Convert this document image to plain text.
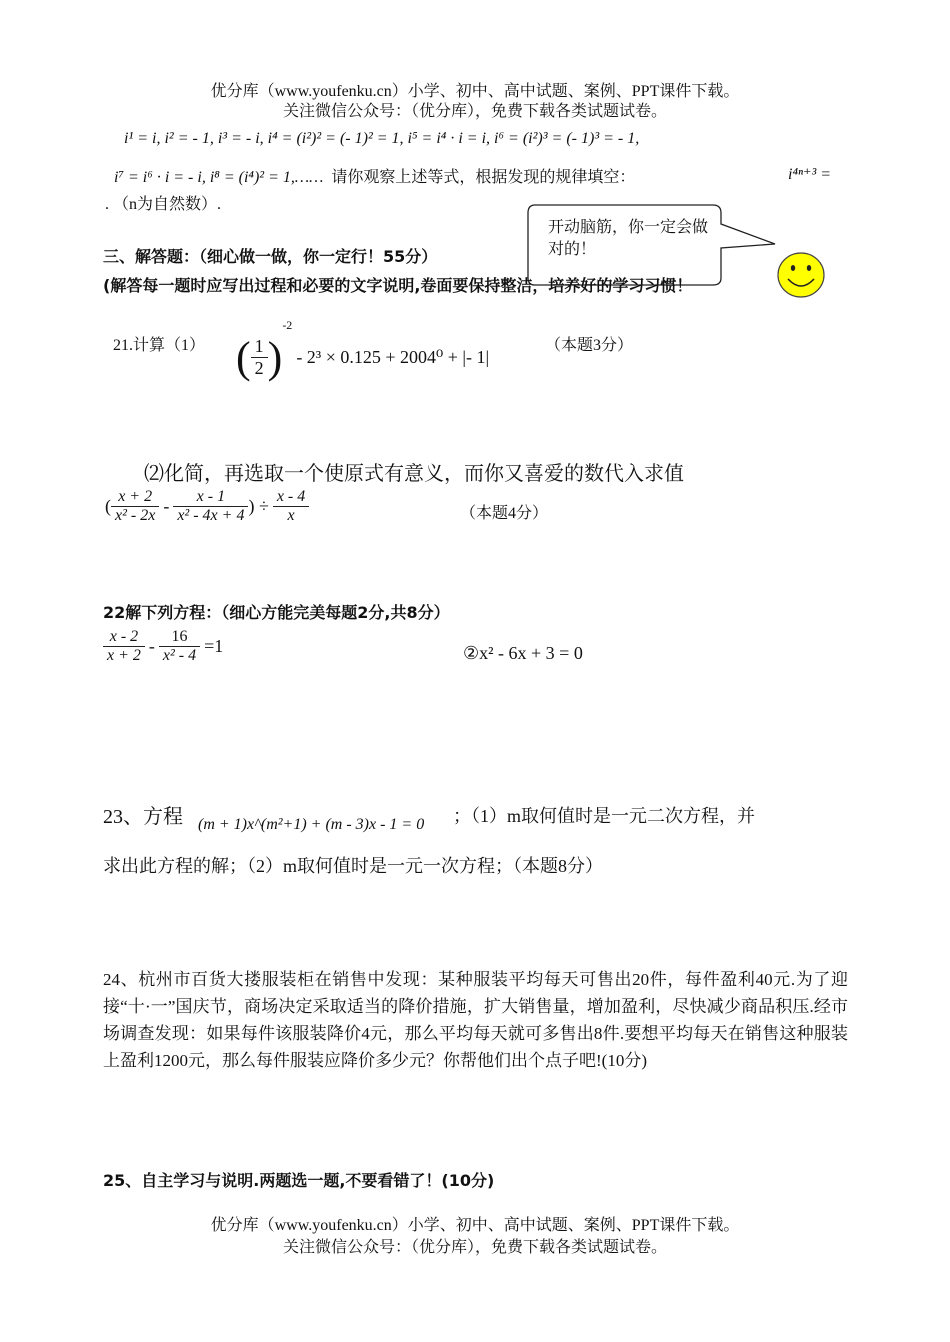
优分库（www.youfenku.cn）小学、初中、高中试题、案例、PPT课件下载。
关注微信公众号：（优分库），免费下载各类试题试卷。
i¹ = i, i² = - 1, i³ = - i, i⁴ = (i²)² = (- 1)² = 1, i⁵ = i⁴ · i = i, i⁶ = (i²)³ = (- 1)³ = - 1,
i⁷ = i⁶ · i = - i, i⁸ = (i⁴)² = 1,…… 请你观察上述等式，根据发现的规律填空：	i⁴ⁿ⁺³ =
. （n为自然数）.
开动脑筋，你一定会做对的！
三、解答题：（细心做一做，你一定行！55分）
(解答每一题时应写出过程和必要的文字说明,卷面要保持整洁，培养好的学习习惯！
21.计算（1） ( $\frac{1}{2} )^{-2} - 2^3 \times 0.125 + 2004^0$ + |- 1|
（本题3分）
⑵化简，再选取一个使原式有意义，而你又喜爱的数代入求值
( $\frac{x + 2}{\text{x² - 2x}} - \frac{x - 1}{\text{x² - 4x + 4}}$ ) ÷ $\frac{x - 4}{x}$	（本题4分）
22解下列方程：（细心方能完美每题2分,共8分）
$\frac{x - 2}{x + 2} - \frac{16}{\text{x² - 4}} =1$	②x² - 6x + 3 = 0
23、方程 (m + 1)x^(m²+1) + (m - 3)x - 1 = 0 ；（1）m取何值时是一元二次方程，并
求出此方程的解；（2）m取何值时是一元一次方程；（本题8分）
24、杭州市百货大搂服装柜在销售中发现：某种服装平均每天可售出20件，每件盈利40元.为了迎接“十·一”国庆节，商场决定采取适当的降价措施，扩大销售量，增加盈利，尽快减少商品积压.经市场调查发现：如果每件该服装降价4元，那么平均每天就可多售出8件.要想平均每天在销售这种服装上盈利1200元，那么每件服装应降价多少元？你帮他们出个点子吧!(10分)
25、自主学习与说明.两题选一题,不要看错了！(10分)
优分库（www.youfenku.cn）小学、初中、高中试题、案例、PPT课件下载。
关注微信公众号：（优分库），免费下载各类试题试卷。
